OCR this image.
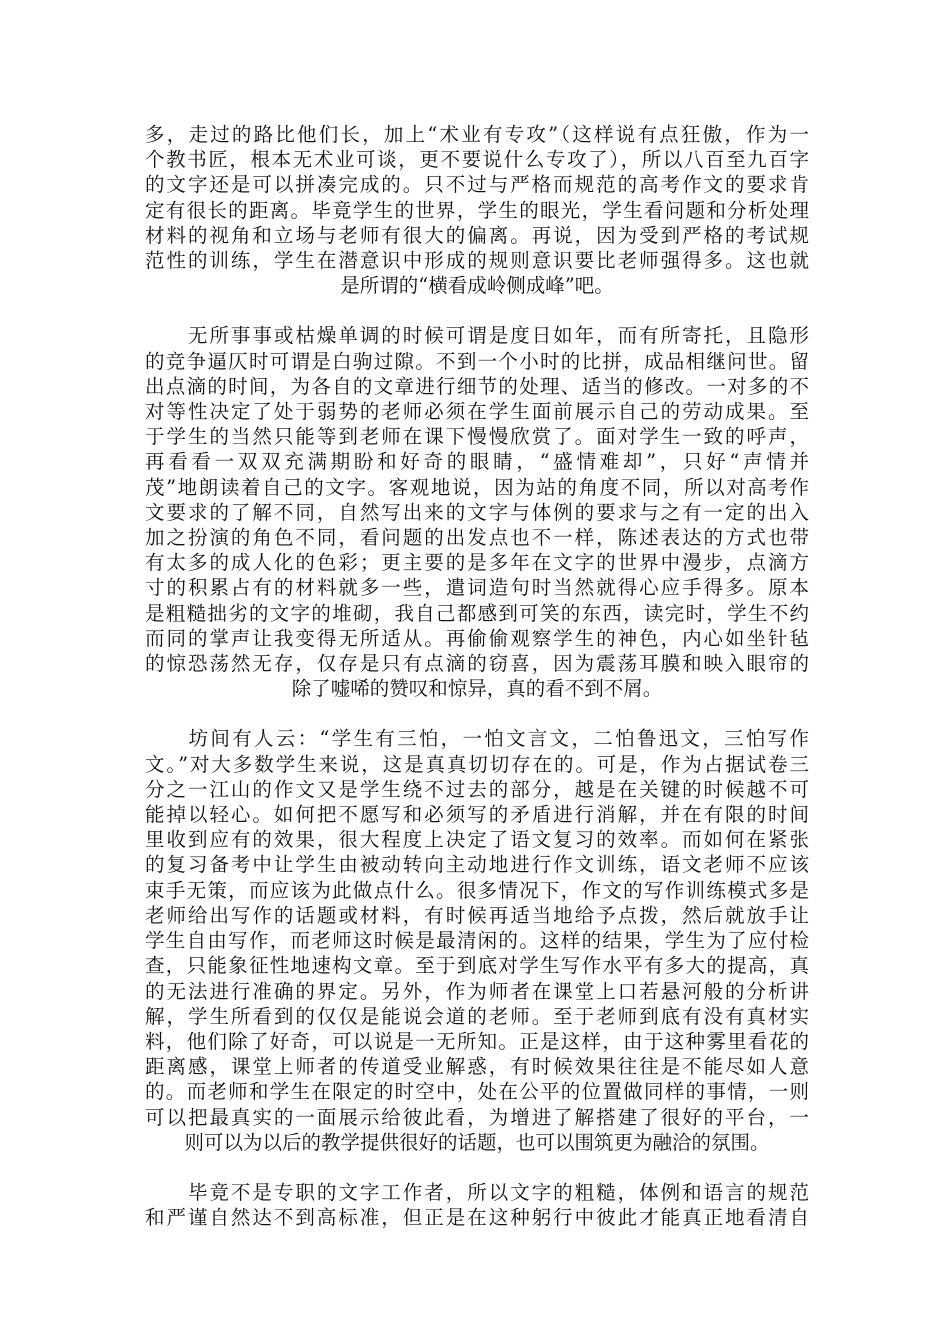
多，走过的路比他们长，加上“术业有专攻”（这样说有点狂傲，作为一
个教书匠，根本无术业可谈，更不要说什么专攻了），所以八百至九百字
的文字还是可以拼凑完成的。只不过与严格而规范的高考作文的要求肯
定有很长的距离。毕竟学生的世界，学生的眼光，学生看问题和分析处理
材料的视角和立场与老师有很大的偏离。再说，因为受到严格的考试规
范性的训练，学生在潜意识中形成的规则意识要比老师强得多。这也就
是所谓的“横看成岭侧成峰”吧。
　　无所事事或枯燥单调的时候可谓是度日如年，而有所寄托，且隐形
的竞争逼仄时可谓是白驹过隙。不到一个小时的比拼，成品相继问世。留
出点滴的时间，为各自的文章进行细节的处理、适当的修改。一对多的不
对等性决定了处于弱势的老师必须在学生面前展示自己的劳动成果。至
于学生的当然只能等到老师在课下慢慢欣赏了。面对学生一致的呼声，
再看看一双双充满期盼和好奇的眼睛，“盛情难却”，只好“声情并
茂”地朗读着自己的文字。客观地说，因为站的角度不同，所以对高考作
文要求的了解不同，自然写出来的文字与体例的要求与之有一定的出入
加之扮演的角色不同，看问题的出发点也不一样，陈述表达的方式也带
有太多的成人化的色彩；更主要的是多年在文字的世界中漫步，点滴方
寸的积累占有的材料就多一些，遣词造句时当然就得心应手得多。原本
是粗糙拙劣的文字的堆砌，我自己都感到可笑的东西，读完时，学生不约
而同的掌声让我变得无所适从。再偷偷观察学生的神色，内心如坐针毡
的惊恐荡然无存，仅存是只有点滴的窃喜，因为震荡耳膜和映入眼帘的
除了嘘唏的赞叹和惊异，真的看不到不屑。
　　坊间有人云：“学生有三怕，一怕文言文，二怕鲁迅文，三怕写作
文。”对大多数学生来说，这是真真切切存在的。可是，作为占据试卷三
分之一江山的作文又是学生绕不过去的部分，越是在关键的时候越不可
能掉以轻心。如何把不愿写和必须写的矛盾进行消解，并在有限的时间
里收到应有的效果，很大程度上决定了语文复习的效率。而如何在紧张
的复习备考中让学生由被动转向主动地进行作文训练，语文老师不应该
束手无策，而应该为此做点什么。很多情况下，作文的写作训练模式多是
老师给出写作的话题或材料，有时候再适当地给予点拨，然后就放手让
学生自由写作，而老师这时候是最清闲的。这样的结果，学生为了应付检
查，只能象征性地速构文章。至于到底对学生写作水平有多大的提高，真
的无法进行准确的界定。另外，作为师者在课堂上口若悬河般的分析讲
解，学生所看到的仅仅是能说会道的老师。至于老师到底有没有真材实
料，他们除了好奇，可以说是一无所知。正是这样，由于这种雾里看花的
距离感，课堂上师者的传道受业解惑，有时候效果往往是不能尽如人意
的。而老师和学生在限定的时空中，处在公平的位置做同样的事情，一则
可以把最真实的一面展示给彼此看，为增进了解搭建了很好的平台，一
则可以为以后的教学提供很好的话题，也可以围筑更为融洽的氛围。
　　毕竟不是专职的文字工作者，所以文字的粗糙，体例和语言的规范
和严谨自然达不到高标准，但正是在这种躬行中彼此才能真正地看清自
